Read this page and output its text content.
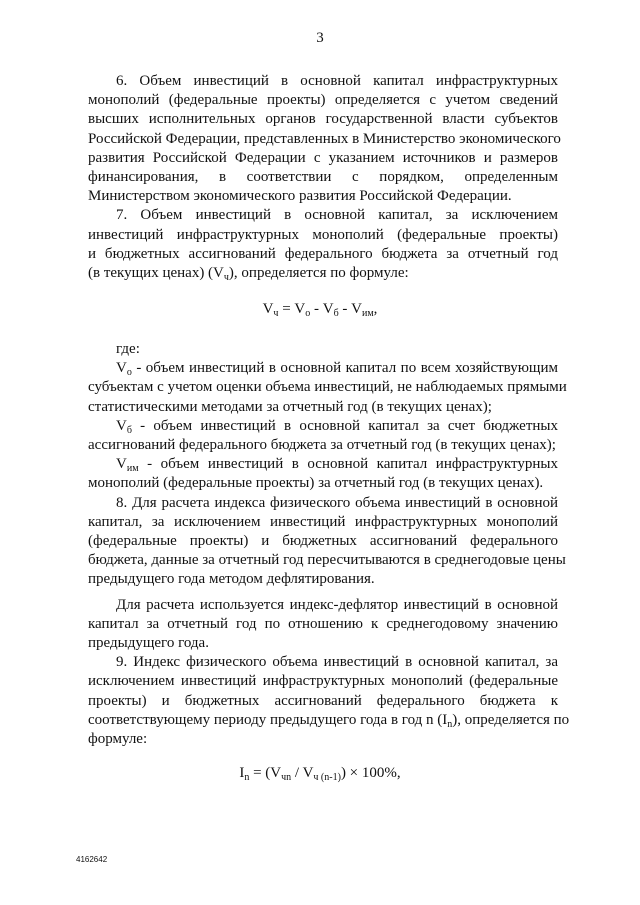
3
6. Объем инвестиций в основной капитал инфраструктурных
монополий (федеральные проекты) определяется с учетом сведений
высших исполнительных органов государственной власти субъектов
Российской Федерации, представленных в Министерство экономического
развития Российской Федерации с указанием источников и размеров
финансирования, в соответствии с порядком, определенным
Министерством экономического развития Российской Федерации.
7. Объем инвестиций в основной капитал, за исключением
инвестиций инфраструктурных монополий (федеральные проекты)
и бюджетных ассигнований федерального бюджета за отчетный год
(в текущих ценах) $(V_ч)$, определяется по формуле:
$V_ч = V_о - V_б - V_{им}$,
где:
$V_о$ - объем инвестиций в основной капитал по всем хозяйствующим
субъектам с учетом оценки объема инвестиций, не наблюдаемых прямыми
статистическими методами за отчетный год (в текущих ценах);
$V_б$ - объем инвестиций в основной капитал за счет бюджетных
ассигнований федерального бюджета за отчетный год (в текущих ценах);
$V_{им}$ - объем инвестиций в основной капитал инфраструктурных
монополий (федеральные проекты) за отчетный год (в текущих ценах).
8. Для расчета индекса физического объема инвестиций в основной
капитал, за исключением инвестиций инфраструктурных монополий
(федеральные проекты) и бюджетных ассигнований федерального
бюджета, данные за отчетный год пересчитываются в среднегодовые цены
предыдущего года методом дефлятирования.
Для расчета используется индекс-дефлятор инвестиций в основной
капитал за отчетный год по отношению к среднегодовому значению
предыдущего года.
9. Индекс физического объема инвестиций в основной капитал, за
исключением инвестиций инфраструктурных монополий (федеральные
проекты) и бюджетных ассигнований федерального бюджета к
соответствующему периоду предыдущего года в год n $(I_n)$, определяется по
формуле:
$I_n = (V_{чn} / V_{ч (n-1)}) \times 100\%$,
4162642
